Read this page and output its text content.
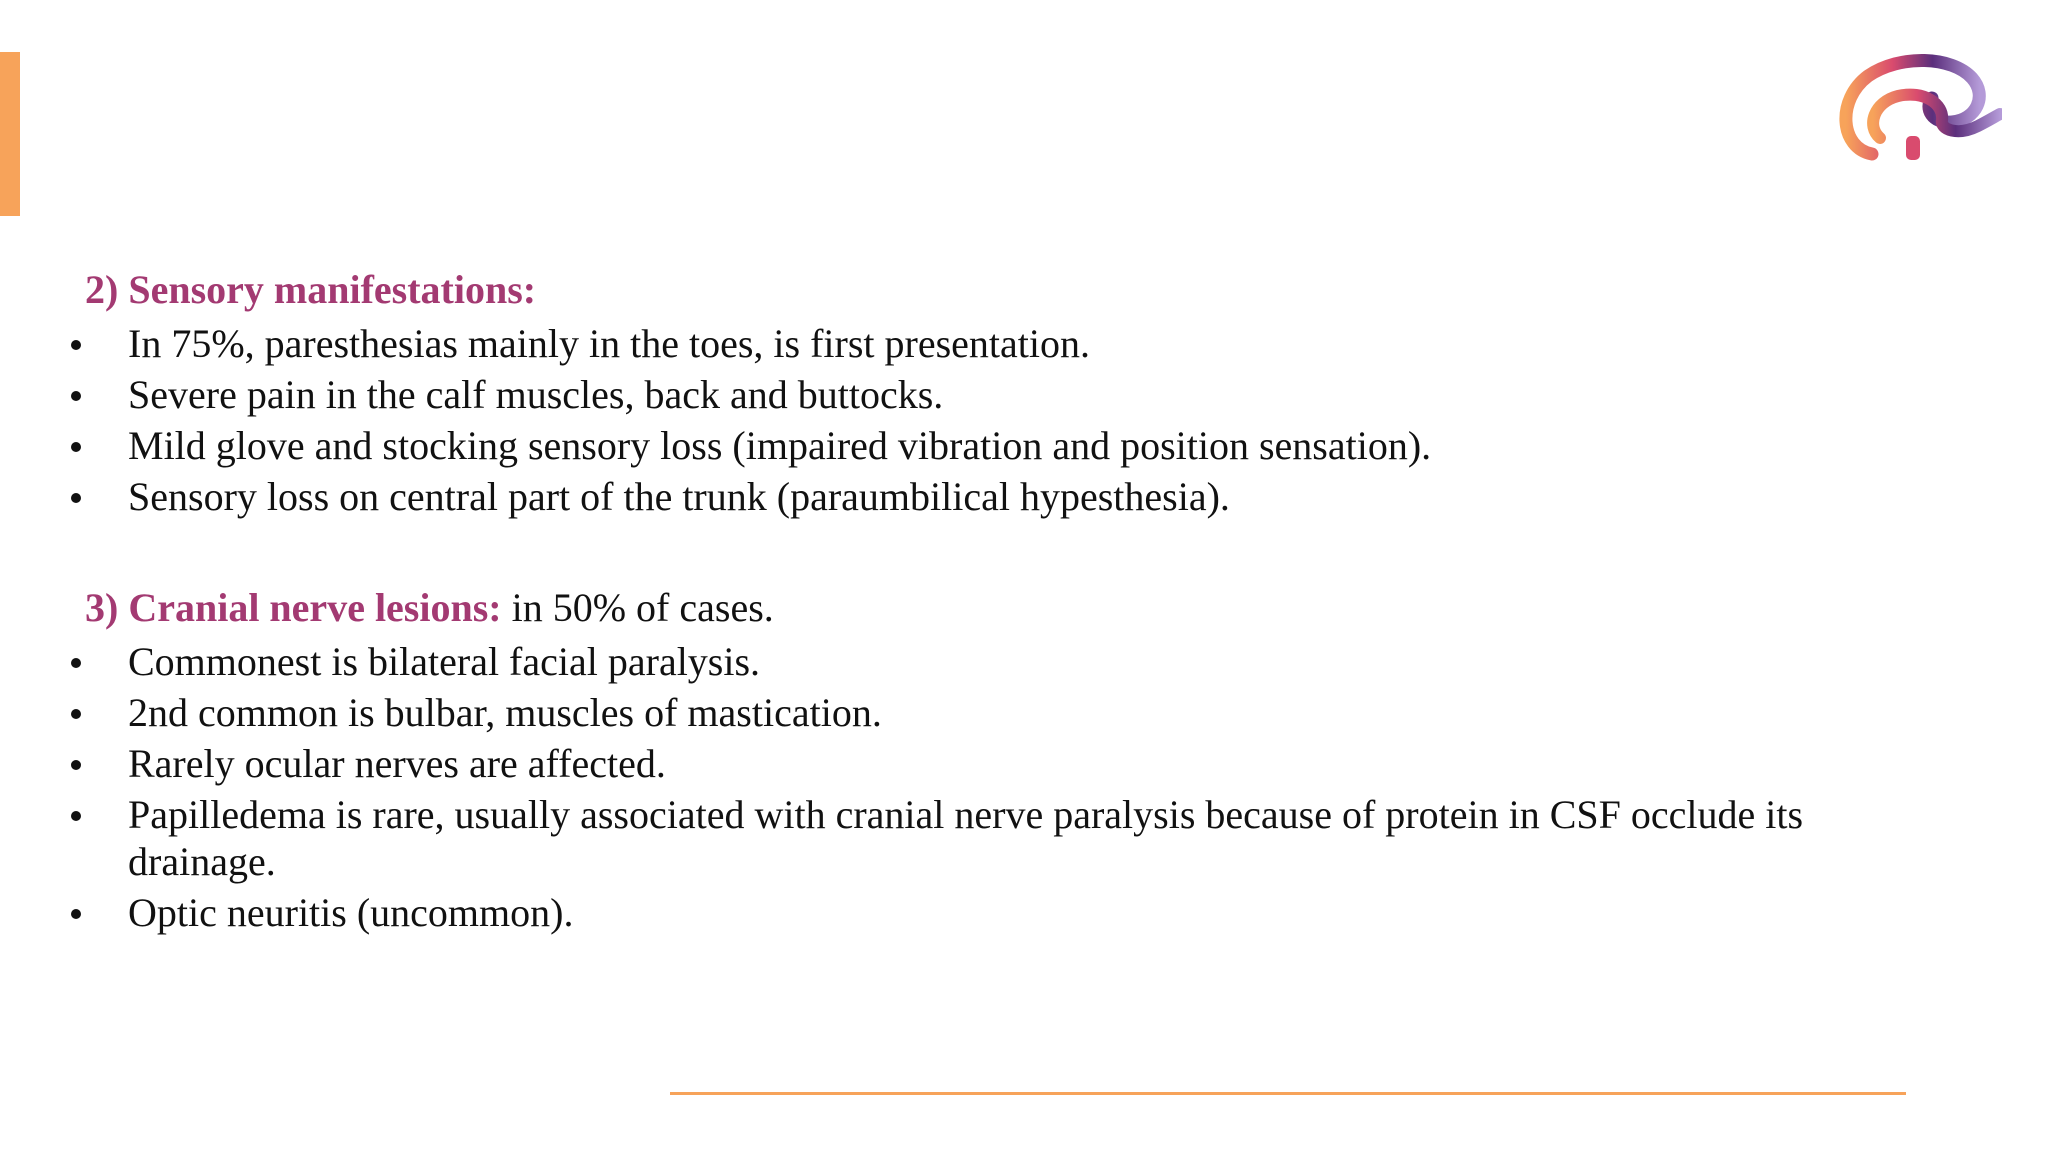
2) Sensory manifestations:
In 75%, paresthesias mainly in the toes, is first presentation.
Severe pain in the calf muscles, back and buttocks.
Mild glove and stocking sensory loss (impaired vibration and position sensation).
Sensory loss on central part of the trunk (paraumbilical hypesthesia).
3) Cranial nerve lesions: in 50% of cases.
Commonest is bilateral facial paralysis.
2nd common is bulbar, muscles of mastication.
Rarely ocular nerves are affected.
Papilledema is rare, usually associated with cranial nerve paralysis because of protein in CSF occlude its drainage.
Optic neuritis (uncommon).
